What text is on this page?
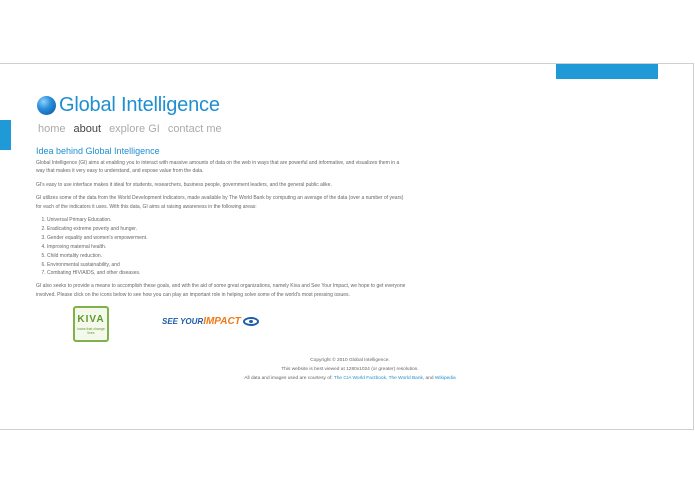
Global Intelligence
home about explore GI contact me
Idea behind Global Intelligence

Global Intelligence (GI) aims at enabling you to interact with massive amounts of data on the web in ways that are powerful and informative, and visualizes them in a way that makes it very easy to understand, and expose value from the data.

GI's easy to use interface makes it ideal for students, researchers, business people, government leaders, and the general public alike.

GI utilizes some of the data from the World Development Indicators, made available by The World Bank by computing an average of the data (over a number of years) for each of the indicators it uses. With this data, GI aims at raising awareness in the following areas:

1. Universal Primary Education.
2. Eradicating extreme poverty and hunger.
3. Gender equality and women's empowerment.
4. Improving maternal health.
5. Child mortality reduction.
6. Environmental sustainability, and
7. Combating HIV/AIDS, and other diseases.

GI also seeks to provide a means to accomplish these goals, and with the aid of some great organizations, namely Kiva and See Your Impact, we hope to get everyone involved. Please click on the icons below to see how you can play an important role in helping solve some of the world's most pressing issues.

KIVA
loans that change lives
SEE YOUR IMPACT
Copyright © 2010 Global Intelligence.
This website is best viewed at 1280x1024 (or greater) resolution.
All data and images used are courtesy of: The CIA World Factbook, The World Bank, and Wikipedia
